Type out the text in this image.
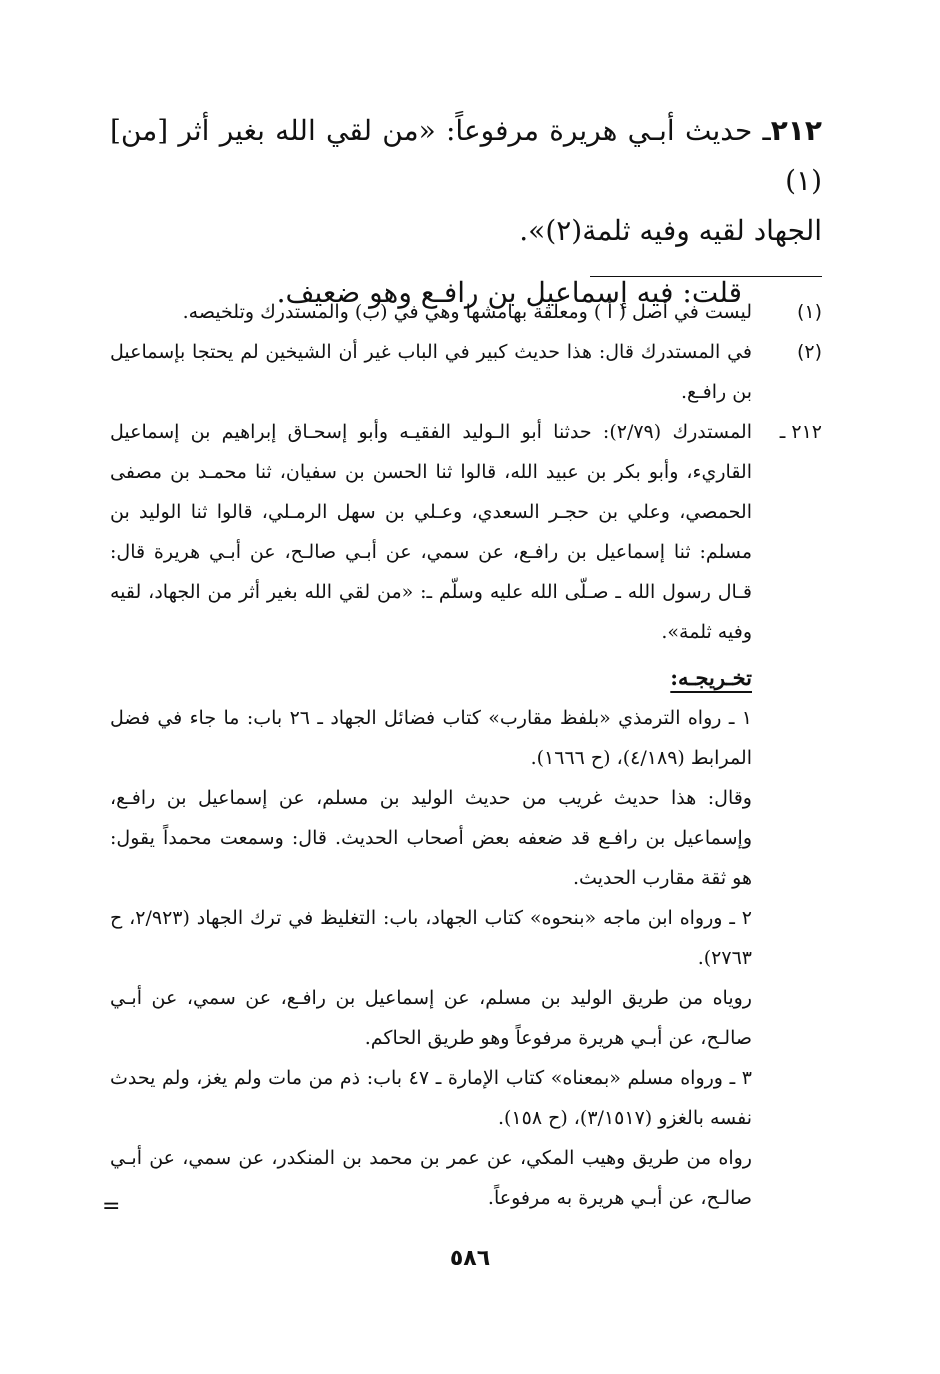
٢١٢ـ حديث أبـي هريرة مرفوعاً: «من لقي الله بغير أثر [من](١)

الجهاد لقيه وفيه ثلمة(٢)».

قلت: فيه إسماعيل بن رافـع وهو ضعيف.

(١)
ليست في أصل ( أ ) ومعلقة بهامشها وهي في (ب) والمستدرك وتلخيصه.
(٢)
في المستدرك قال: هذا حديث كبير في الباب غير أن الشيخين لم يحتجا بإسماعيل بن رافـع.
٢١٢ ـ
المستدرك (٢/٧٩): حدثنا أبو الـوليد الفقيـه وأبو إسحـاق إبراهيم بن إسماعيل القاريء، وأبو بكر بن عبيد الله، قالوا ثنا الحسن بن سفيان، ثنا محمـد بن مصفى الحمصي، وعلي بن حجـر السعدي، وعـلي بن سهل الرمـلي، قالوا ثنا الوليد بن مسلم: ثنا إسماعيل بن رافـع، عن سمي، عن أبـي صالـح، عن أبـي هريرة قال: قـال رسول الله ـ صـلّى الله عليه وسلّم ـ: «من لقي الله بغير أثر من الجهاد، لقيه وفيه ثلمة».
تخـريجـه:

١ ـ رواه الترمذي «بلفظ مقارب» كتاب فضائل الجهاد ـ ٢٦ باب: ما جاء في فضل المرابط (٤/١٨٩)، (ح ١٦٦٦).

وقال: هذا حديث غريب من حديث الوليد بن مسلم، عن إسماعيل بن رافـع، وإسماعيل بن رافـع قد ضعفه بعض أصحاب الحديث. قال: وسمعت محمداً يقول: هو ثقة مقارب الحديث.

٢ ـ ورواه ابن ماجه «بنحوه» كتاب الجهاد، باب: التغليظ في ترك الجهاد (٢/٩٢٣، ح ٢٧٦٣).

روياه من طريق الوليد بن مسلم، عن إسماعيل بن رافـع، عن سمي، عن أبـي صالـح، عن أبـي هريرة مرفوعاً وهو طريق الحاكم.

٣ ـ ورواه مسلم «بمعناه» كتاب الإمارة ـ ٤٧ باب: ذم من مات ولم يغز، ولم يحدث نفسه بالغزو (٣/١٥١٧)، (ح ١٥٨).

رواه من طريق وهيب المكي، عن عمر بن محمد بن المنكدر، عن سمي، عن أبـي صالـح، عن أبـي هريرة به مرفوعاً.

=
٥٨٦
